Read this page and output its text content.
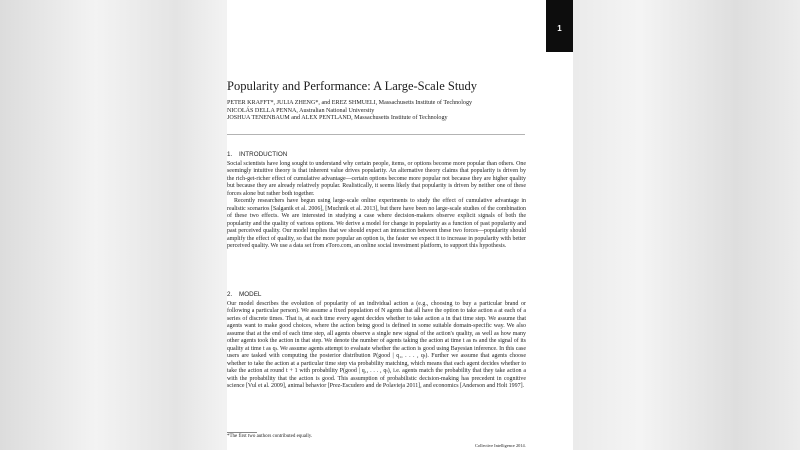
1
Popularity and Performance: A Large-Scale Study
PETER KRAFFT*, JULIA ZHENG*, and EREZ SHMUELI, Massachusetts Institute of Technology
NICOLÁS DELLA PENNA, Australian National University
JOSHUA TENENBAUM and ALEX PENTLAND, Massachusetts Institute of Technology
1. INTRODUCTION

Social scientists have long sought to understand why certain people, items, or options become more popular than others. One seemingly intuitive theory is that inherent value drives popularity. An alternative theory claims that popularity is driven by the rich-get-richer effect of cumulative advantage—certain options become more popular not because they are higher quality but because they are already relatively popular. Realistically, it seems likely that popularity is driven by neither one of these forces alone but rather both together.

Recently researchers have begun using large-scale online experiments to study the effect of cumulative advantage in realistic scenarios [Salganik et al. 2006], [Muchnik et al. 2013], but there have been no large-scale studies of the combination of these two effects. We are interested in studying a case where decision-makers observe explicit signals of both the popularity and the quality of various options. We derive a model for change in popularity as a function of past popularity and past perceived quality. Our model implies that we should expect an interaction between these two forces—popularity should amplify the effect of quality, so that the more popular an option is, the faster we expect it to increase in popularity with better perceived quality. We use a data set from eToro.com, an online social investment platform, to support this hypothesis.

2. MODEL

Our model describes the evolution of popularity of an individual action a (e.g., choosing to buy a particular brand or following a particular person). We assume a fixed population of N agents that all have the option to take action a at each of a series of discrete times. That is, at each time every agent decides whether to take action a in that time step. We assume that agents want to make good choices, where the action being good is defined in some suitable domain-specific way. We also assume that at the end of each time step, all agents observe a single new signal of the action's quality, as well as how many other agents took the action in that step. We denote the number of agents taking the action at time t as nₜ and the signal of its quality at time t as qₜ. We assume agents attempt to evaluate whether the action is good using Bayesian inference. In this case users are tasked with computing the posterior distribution P(good | q₁, . . . , qₜ). Further we assume that agents choose whether to take the action at a particular time step via probability matching, which means that each agent decides whether to take the action at round t + 1 with probability P(good | q₁, . . . , qₜ), i.e. agents match the probability that they take action a with the probability that the action is good. This assumption of probabilistic decision-making has precedent in cognitive science [Vul et al. 2009], animal behavior [Prez-Escudero and de Polavieja 2011], and economics [Anderson and Holt 1997].

*The first two authors contributed equally.
Collective Intelligence 2014.
